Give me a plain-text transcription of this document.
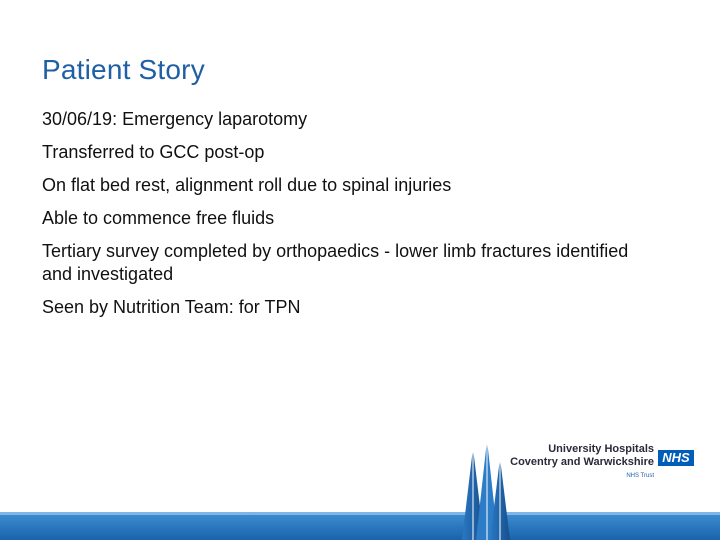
Patient Story
30/06/19: Emergency laparotomy
Transferred to GCC post-op
On flat bed rest, alignment roll due to spinal injuries
Able to commence free fluids
Tertiary survey completed by orthopaedics - lower limb fractures identified and investigated
Seen by Nutrition Team: for TPN
University Hospitals
Coventry and Warwickshire
NHS Trust
NHS
